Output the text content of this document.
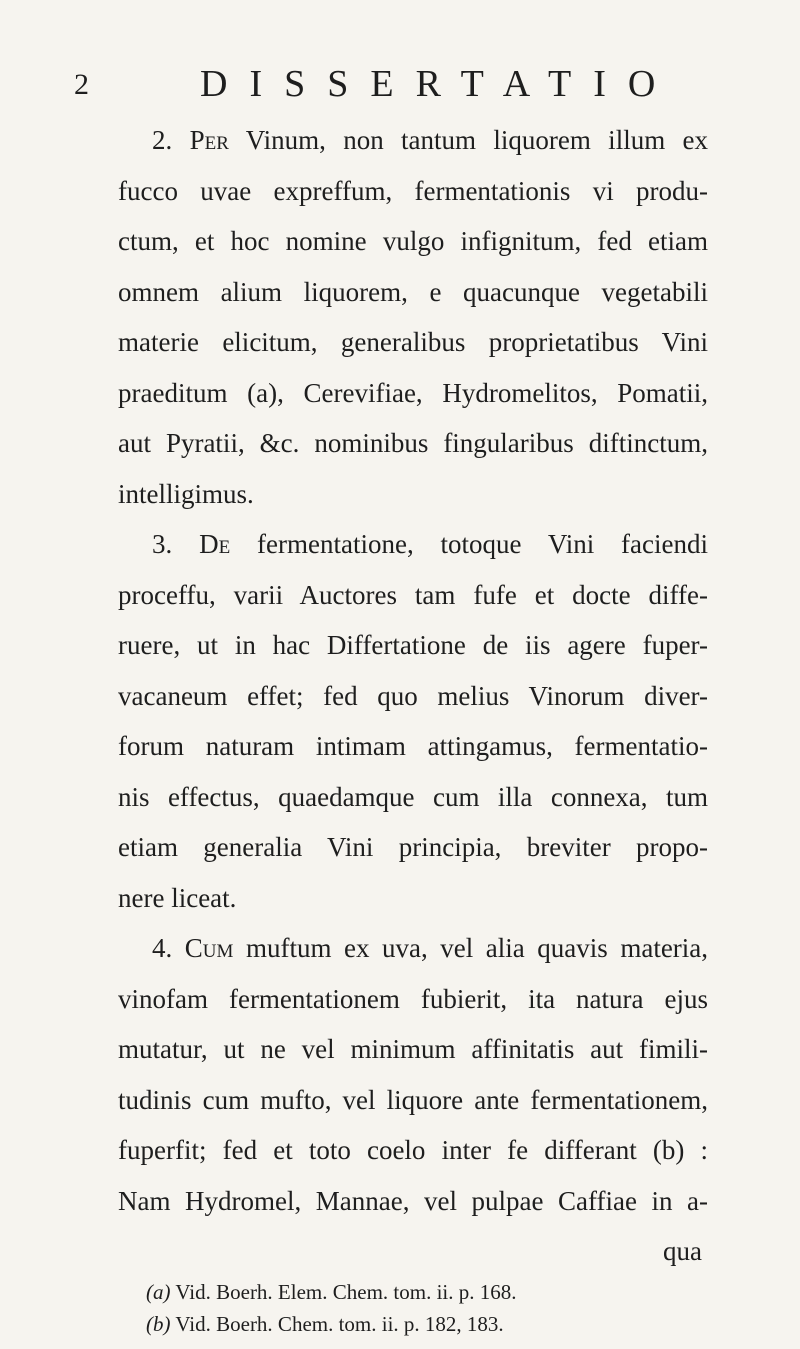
2	DISSERTATIO
2. Per Vinum, non tantum liquorem illum ex
fucco uvae expreffum, fermentationis vi produ-
ctum, et hoc nomine vulgo infignitum, fed etiam
omnem alium liquorem, e quacunque vegetabili
materie elicitum, generalibus proprietatibus Vini
praeditum (a), Cerevifiae, Hydromelitos, Pomatii,
aut Pyratii, &c. nominibus fingularibus diftinctum,
intelligimus.
3. De fermentatione, totoque Vini faciendi
proceffu, varii Auctores tam fufe et docte diffe-
ruere, ut in hac Differtatione de iis agere fuper-
vacaneum effet; fed quo melius Vinorum diver-
forum naturam intimam attingamus, fermentatio-
nis effectus, quaedamque cum illa connexa, tum
etiam generalia Vini principia, breviter propo-
nere liceat.
4. Cum muftum ex uva, vel alia quavis materia,
vinofam fermentationem fubierit, ita natura ejus
mutatur, ut ne vel minimum affinitatis aut fimili-
tudinis cum mufto, vel liquore ante fermentationem,
fuperfit; fed et toto coelo inter fe differant (b) :
Nam Hydromel, Mannae, vel pulpae Caffiae in a-
qua
(a) Vid. Boerh. Elem. Chem. tom. ii. p. 168.
(b) Vid. Boerh. Chem. tom. ii. p. 182, 183.
